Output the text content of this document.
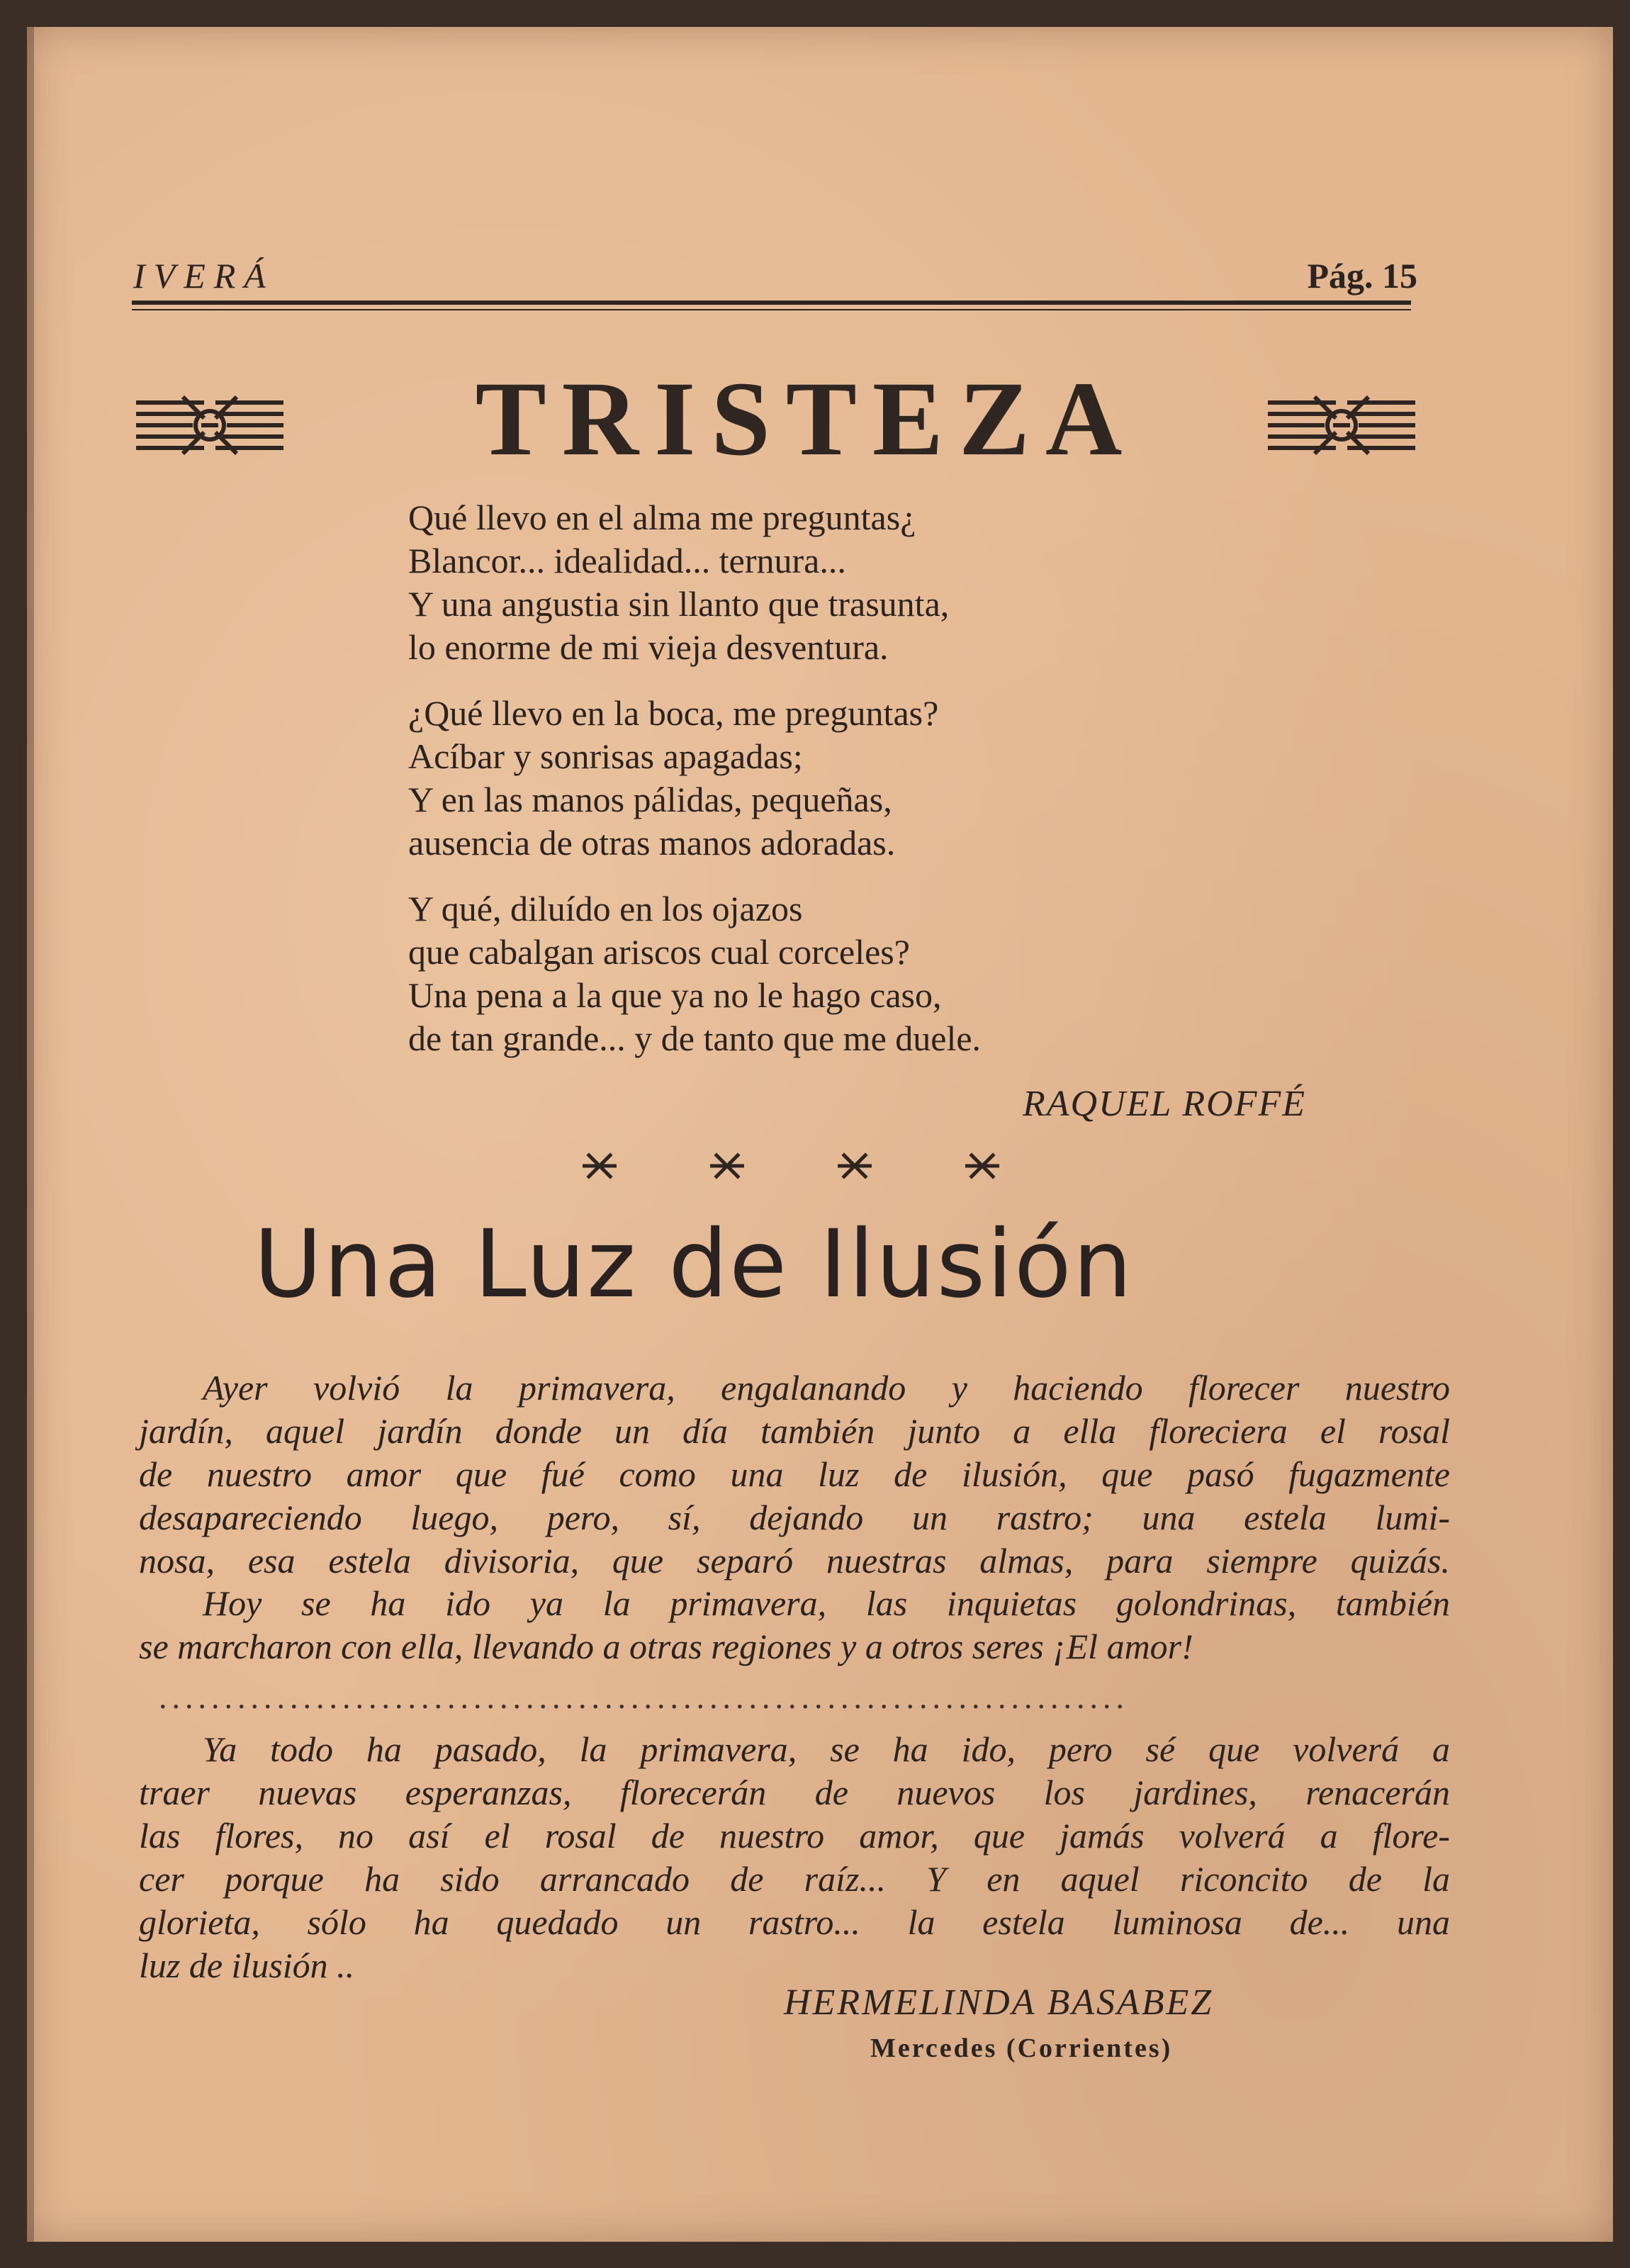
IVERÁ	Pág. 15
TRISTEZA
Qué llevo en el alma me preguntas¿
Blancor... idealidad... ternura...
Y una angustia sin llanto que trasunta,
lo enorme de mi vieja desventura.
¿Qué llevo en la boca, me preguntas?
Acíbar y sonrisas apagadas;
Y en las manos pálidas, pequeñas,
ausencia de otras manos adoradas.
Y qué, diluído en los ojazos
que cabalgan ariscos cual corceles?
Una pena a la que ya no le hago caso,
de tan grande... y de tanto que me duele.
RAQUEL ROFFÉ
Una Luz de Ilusión
Ayer volvió la primavera, engalanando y haciendo florecer nuestro
jardín, aquel jardín donde un día también junto a ella floreciera el rosal
de nuestro amor que fué como una luz de ilusión, que pasó fugazmente
desapareciendo luego, pero, sí, dejando un rastro; una estela lumi-
nosa, esa estela divisoria, que separó nuestras almas, para siempre quizás.
Hoy se ha ido ya la primavera, las inquietas golondrinas, también
se marcharon con ella, llevando a otras regiones y a otros seres ¡El amor!
..........................................................................
Ya todo ha pasado, la primavera, se ha ido, pero sé que volverá a
traer nuevas esperanzas, florecerán de nuevos los jardines, renacerán
las flores, no así el rosal de nuestro amor, que jamás volverá a flore-
cer porque ha sido arrancado de raíz... Y en aquel riconcito de la
glorieta, sólo ha quedado un rastro... la estela luminosa de... una
luz de ilusión ..
HERMELINDA BASABEZ
Mercedes (Corrientes)
